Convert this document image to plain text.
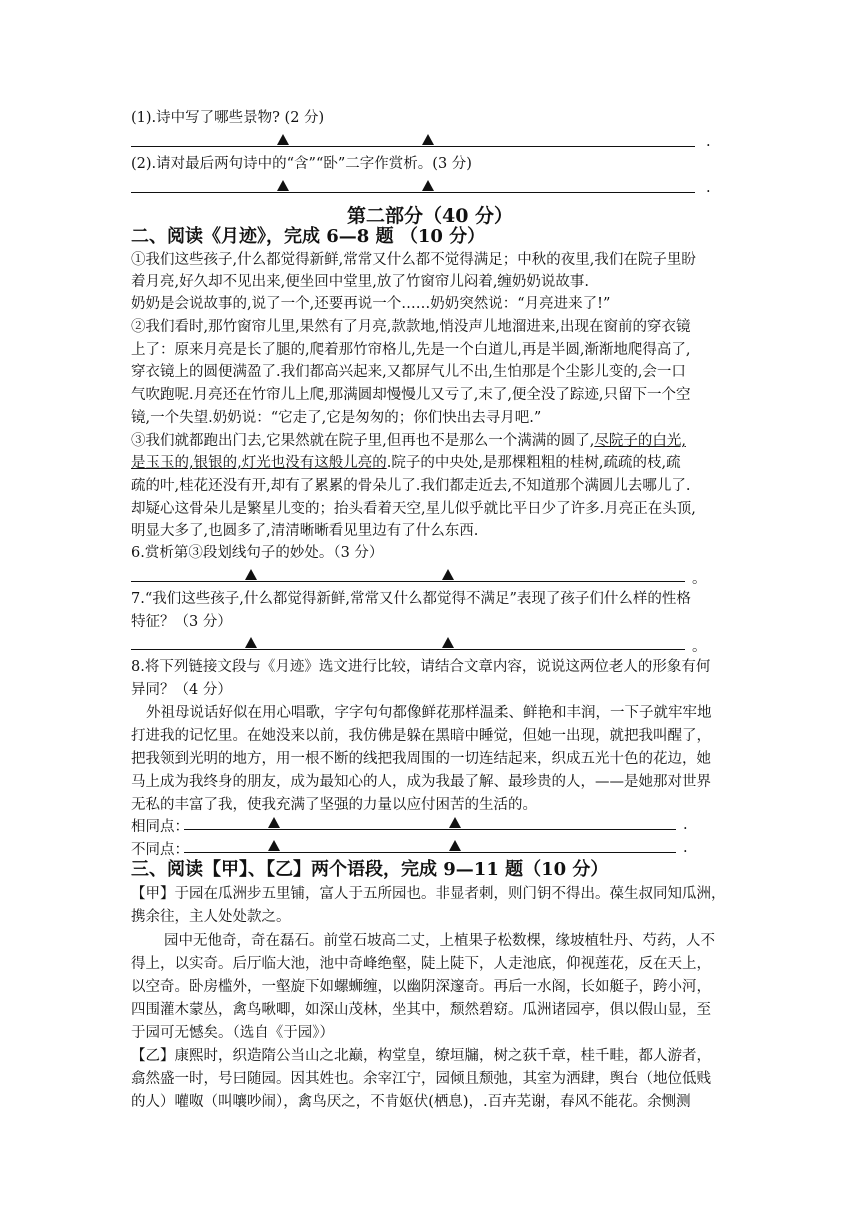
(1).诗中写了哪些景物? (2 分)
.
(2).请对最后两句诗中的“含”“卧”二字作赏析。(3 分)
.
第二部分（40 分）
二、阅读《月迹》，完成 6—8 题 （10 分）
①我们这些孩子,什么都觉得新鲜,常常又什么都不觉得满足；中秋的夜里,我们在院子里盼
着月亮,好久却不见出来,便坐回中堂里,放了竹窗帘儿闷着,缠奶奶说故事.
奶奶是会说故事的,说了一个,还要再说一个……奶奶突然说：“月亮进来了!”
②我们看时,那竹窗帘儿里,果然有了月亮,款款地,悄没声儿地溜进来,出现在窗前的穿衣镜
上了：原来月亮是长了腿的,爬着那竹帘格儿,先是一个白道儿,再是半圆,渐渐地爬得高了,
穿衣镜上的圆便满盈了.我们都高兴起来,又都屏气儿不出,生怕那是个尘影儿变的,会一口
气吹跑呢.月亮还在竹帘儿上爬,那满圆却慢慢儿又亏了,末了,便全没了踪迹,只留下一个空
镜,一个失望.奶奶说：“它走了,它是匆匆的；你们快出去寻月吧.”
③我们就都跑出门去,它果然就在院子里,但再也不是那么一个满满的圆了,尽院子的白光,
是玉玉的,银银的,灯光也没有这般儿亮的.院子的中央处,是那棵粗粗的桂树,疏疏的枝,疏
疏的叶,桂花还没有开,却有了累累的骨朵儿了.我们都走近去,不知道那个满圆儿去哪儿了.
却疑心这骨朵儿是繁星儿变的；抬头看着天空,星儿似乎就比平日少了许多.月亮正在头顶,
明显大多了,也圆多了,清清晰晰看见里边有了什么东西.
6.赏析第③段划线句子的妙处。（3 分）
。
7.“我们这些孩子,什么都觉得新鲜,常常又什么都觉得不满足”表现了孩子们什么样的性格
特征？（3 分）
。
8.将下列链接文段与《月迹》选文进行比较，请结合文章内容，说说这两位老人的形象有何
异同？（4 分）
外祖母说话好似在用心唱歌，字字句句都像鲜花那样温柔、鲜艳和丰润，一下子就牢牢地
打进我的记忆里。在她没来以前，我仿佛是躲在黑暗中睡觉，但她一出现，就把我叫醒了，
把我领到光明的地方，用一根不断的线把我周围的一切连结起来，织成五光十色的花边，她
马上成为我终身的朋友，成为最知心的人，成为我最了解、最珍贵的人，——是她那对世界
无私的丰富了我，使我充满了坚强的力量以应付困苦的生活的。
相同点：	.
不同点：	.
三、阅读【甲】、【乙】两个语段，完成 9—11 题（10 分）
【甲】于园在瓜洲步五里铺，富人于五所园也。非显者刺，则门钥不得出。葆生叔同知瓜洲，
携余往，主人处处款之。
园中无他奇，奇在磊石。前堂石坡高二丈，上植果子松数棵，缘坡植牡丹、芍药，人不
得上，以实奇。后厅临大池，池中奇峰绝壑，陡上陡下，人走池底，仰视莲花，反在天上，
以空奇。卧房槛外，一壑旋下如螺蛳缠，以幽阴深邃奇。再后一水阁，长如艇子，跨小河，
四围灌木蒙丛，禽鸟啾唧，如深山茂林，坐其中，颓然碧窈。瓜洲诸园亭，俱以假山显，至
于园可无憾矣。（选自《于园》）
【乙】康熙时，织造隋公当山之北巅，构堂皇，缭垣牖，树之荻千章，桂千畦，都人游者，
翕然盛一时，号曰随园。因其姓也。余宰江宁，园倾且颓弛，其室为洒肆，舆台（地位低贱
的人）嚾呶（叫嚷吵闹），禽鸟厌之，不肯妪伏(栖息)，.百卉芜谢，春风不能花。余恻测
